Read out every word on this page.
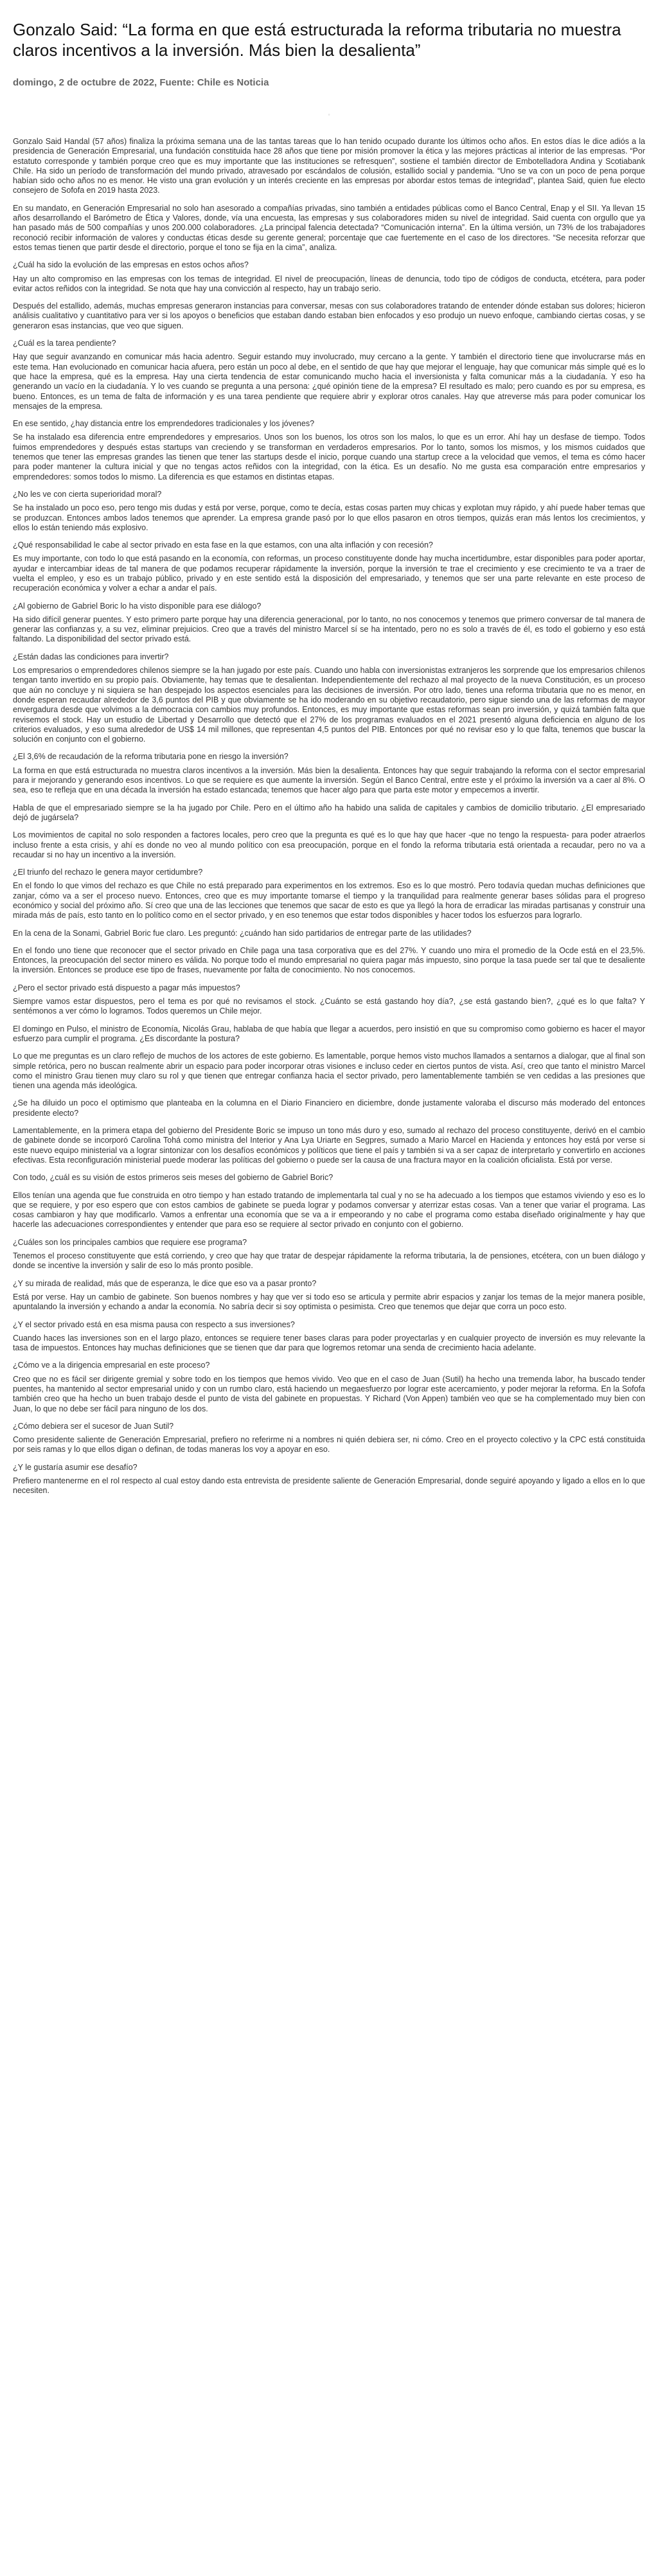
Gonzalo Said: “La forma en que está estructurada la reforma tributaria no muestra claros incentivos a la inversión. Más bien la desalienta”
domingo, 2 de octubre de 2022, Fuente: Chile es Noticia
▫

Gonzalo Said Handal (57 años) finaliza la próxima semana una de las tantas tareas que lo han tenido ocupado durante los últimos ocho años. En estos días le dice adiós a la presidencia de Generación Empresarial, una fundación constituida hace 28 años que tiene por misión promover la ética y las mejores prácticas al interior de las empresas. “Por estatuto corresponde y también porque creo que es muy importante que las instituciones se refresquen”, sostiene el también director de Embotelladora Andina y Scotiabank Chile. Ha sido un período de transformación del mundo privado, atravesado por escándalos de colusión, estallido social y pandemia. “Uno se va con un poco de pena porque habían sido ocho años no es menor. He visto una gran evolución y un interés creciente en las empresas por abordar estos temas de integridad”, plantea Said, quien fue electo consejero de Sofofa en 2019 hasta 2023.

En su mandato, en Generación Empresarial no solo han asesorado a compañías privadas, sino también a entidades públicas como el Banco Central, Enap y el SII. Ya llevan 15 años desarrollando el Barómetro de Ética y Valores, donde, vía una encuesta, las empresas y sus colaboradores miden su nivel de integridad. Said cuenta con orgullo que ya han pasado más de 500 compañías y unos 200.000 colaboradores. ¿La principal falencia detectada? “Comunicación interna”. En la última versión, un 73% de los trabajadores reconoció recibir información de valores y conductas éticas desde su gerente general; porcentaje que cae fuertemente en el caso de los directores. “Se necesita reforzar que estos temas tienen que partir desde el directorio, porque el tono se fija en la cima”, analiza.

¿Cuál ha sido la evolución de las empresas en estos ochos años?

Hay un alto compromiso en las empresas con los temas de integridad. El nivel de preocupación, líneas de denuncia, todo tipo de códigos de conducta, etcétera, para poder evitar actos reñidos con la integridad. Se nota que hay una convicción al respecto, hay un trabajo serio.

Después del estallido, además, muchas empresas generaron instancias para conversar, mesas con sus colaboradores tratando de entender dónde estaban sus dolores; hicieron análisis cualitativo y cuantitativo para ver si los apoyos o beneficios que estaban dando estaban bien enfocados y eso produjo un nuevo enfoque, cambiando ciertas cosas, y se generaron esas instancias, que veo que siguen.

¿Cuál es la tarea pendiente?

Hay que seguir avanzando en comunicar más hacia adentro. Seguir estando muy involucrado, muy cercano a la gente. Y también el directorio tiene que involucrarse más en este tema. Han evolucionado en comunicar hacia afuera, pero están un poco al debe, en el sentido de que hay que mejorar el lenguaje, hay que comunicar más simple qué es lo que hace la empresa, qué es la empresa. Hay una cierta tendencia de estar comunicando mucho hacia el inversionista y falta comunicar más a la ciudadanía. Y eso ha generando un vacío en la ciudadanía. Y lo ves cuando se pregunta a una persona: ¿qué opinión tiene de la empresa? El resultado es malo; pero cuando es por su empresa, es bueno. Entonces, es un tema de falta de información y es una tarea pendiente que requiere abrir y explorar otros canales. Hay que atreverse más para poder comunicar los mensajes de la empresa.

En ese sentido, ¿hay distancia entre los emprendedores tradicionales y los jóvenes?

Se ha instalado esa diferencia entre emprendedores y empresarios. Unos son los buenos, los otros son los malos, lo que es un error. Ahí hay un desfase de tiempo. Todos fuimos emprendedores y después estas startups van creciendo y se transforman en verdaderos empresarios. Por lo tanto, somos los mismos, y los mismos cuidados que tenemos que tener las empresas grandes las tienen que tener las startups desde el inicio, porque cuando una startup crece a la velocidad que vemos, el tema es cómo hacer para poder mantener la cultura inicial y que no tengas actos reñidos con la integridad, con la ética. Es un desafío. No me gusta esa comparación entre empresarios y emprendedores: somos todos lo mismo. La diferencia es que estamos en distintas etapas.

¿No les ve con cierta superioridad moral?

Se ha instalado un poco eso, pero tengo mis dudas y está por verse, porque, como te decía, estas cosas parten muy chicas y explotan muy rápido, y ahí puede haber temas que se produzcan. Entonces ambos lados tenemos que aprender. La empresa grande pasó por lo que ellos pasaron en otros tiempos, quizás eran más lentos los crecimientos, y ellos lo están teniendo más explosivo.

¿Qué responsabilidad le cabe al sector privado en esta fase en la que estamos, con una alta inflación y con recesión?

Es muy importante, con todo lo que está pasando en la economía, con reformas, un proceso constituyente donde hay mucha incertidumbre, estar disponibles para poder aportar, ayudar e intercambiar ideas de tal manera de que podamos recuperar rápidamente la inversión, porque la inversión te trae el crecimiento y ese crecimiento te va a traer de vuelta el empleo, y eso es un trabajo público, privado y en este sentido está la disposición del empresariado, y tenemos que ser una parte relevante en este proceso de recuperación económica y volver a echar a andar el país.

¿Al gobierno de Gabriel Boric lo ha visto disponible para ese diálogo?

Ha sido difícil generar puentes. Y esto primero parte porque hay una diferencia generacional, por lo tanto, no nos conocemos y tenemos que primero conversar de tal manera de generar las confianzas y, a su vez, eliminar prejuicios. Creo que a través del ministro Marcel sí se ha intentado, pero no es solo a través de él, es todo el gobierno y eso está faltando. La disponibilidad del sector privado está.

¿Están dadas las condiciones para invertir?

Los empresarios o emprendedores chilenos siempre se la han jugado por este país. Cuando uno habla con inversionistas extranjeros les sorprende que los empresarios chilenos tengan tanto invertido en su propio país. Obviamente, hay temas que te desalientan. Independientemente del rechazo al mal proyecto de la nueva Constitución, es un proceso que aún no concluye y ni siquiera se han despejado los aspectos esenciales para las decisiones de inversión. Por otro lado, tienes una reforma tributaria que no es menor, en donde esperan recaudar alrededor de 3,6 puntos del PIB y que obviamente se ha ido moderando en su objetivo recaudatorio, pero sigue siendo una de las reformas de mayor envergadura desde que volvimos a la democracia con cambios muy profundos. Entonces, es muy importante que estas reformas sean pro inversión, y quizá también falta que revisemos el stock. Hay un estudio de Libertad y Desarrollo que detectó que el 27% de los programas evaluados en el 2021 presentó alguna deficiencia en alguno de los criterios evaluados, y eso suma alrededor de US$ 14 mil millones, que representan 4,5 puntos del PIB. Entonces por qué no revisar eso y lo que falta, tenemos que buscar la solución en conjunto con el gobierno.

¿El 3,6% de recaudación de la reforma tributaria pone en riesgo la inversión?

La forma en que está estructurada no muestra claros incentivos a la inversión. Más bien la desalienta. Entonces hay que seguir trabajando la reforma con el sector empresarial para ir mejorando y generando esos incentivos. Lo que se requiere es que aumente la inversión. Según el Banco Central, entre este y el próximo la inversión va a caer al 8%. O sea, eso te refleja que en una década la inversión ha estado estancada; tenemos que hacer algo para que parta este motor y empecemos a invertir.

Habla de que el empresariado siempre se la ha jugado por Chile. Pero en el último año ha habido una salida de capitales y cambios de domicilio tributario. ¿El empresariado dejó de jugársela?

Los movimientos de capital no solo responden a factores locales, pero creo que la pregunta es qué es lo que hay que hacer -que no tengo la respuesta- para poder atraerlos incluso frente a esta crisis, y ahí es donde no veo al mundo político con esa preocupación, porque en el fondo la reforma tributaria está orientada a recaudar, pero no va a recaudar si no hay un incentivo a la inversión.

¿El triunfo del rechazo le genera mayor certidumbre?

En el fondo lo que vimos del rechazo es que Chile no está preparado para experimentos en los extremos. Eso es lo que mostró. Pero todavía quedan muchas definiciones que zanjar, cómo va a ser el proceso nuevo. Entonces, creo que es muy importante tomarse el tiempo y la tranquilidad para realmente generar bases sólidas para el progreso económico y social del próximo año. Sí creo que una de las lecciones que tenemos que sacar de esto es que ya llegó la hora de erradicar las miradas partisanas y construir una mirada más de país, esto tanto en lo político como en el sector privado, y en eso tenemos que estar todos disponibles y hacer todos los esfuerzos para lograrlo.

En la cena de la Sonami, Gabriel Boric fue claro. Les preguntó: ¿cuándo han sido partidarios de entregar parte de las utilidades?

En el fondo uno tiene que reconocer que el sector privado en Chile paga una tasa corporativa que es del 27%. Y cuando uno mira el promedio de la Ocde está en el 23,5%. Entonces, la preocupación del sector minero es válida. No porque todo el mundo empresarial no quiera pagar más impuesto, sino porque la tasa puede ser tal que te desaliente la inversión. Entonces se produce ese tipo de frases, nuevamente por falta de conocimiento. No nos conocemos.

¿Pero el sector privado está dispuesto a pagar más impuestos?

Siempre vamos estar dispuestos, pero el tema es por qué no revisamos el stock. ¿Cuánto se está gastando hoy día?, ¿se está gastando bien?, ¿qué es lo que falta? Y sentémonos a ver cómo lo logramos. Todos queremos un Chile mejor.

El domingo en Pulso, el ministro de Economía, Nicolás Grau, hablaba de que había que llegar a acuerdos, pero insistió en que su compromiso como gobierno es hacer el mayor esfuerzo para cumplir el programa. ¿Es discordante la postura?

Lo que me preguntas es un claro reflejo de muchos de los actores de este gobierno. Es lamentable, porque hemos visto muchos llamados a sentarnos a dialogar, que al final son simple retórica, pero no buscan realmente abrir un espacio para poder incorporar otras visiones e incluso ceder en ciertos puntos de vista. Así, creo que tanto el ministro Marcel como el ministro Grau tienen muy claro su rol y que tienen que entregar confianza hacia el sector privado, pero lamentablemente también se ven cedidas a las presiones que tienen una agenda más ideológica.

¿Se ha diluido un poco el optimismo que planteaba en la columna en el Diario Financiero en diciembre, donde justamente valoraba el discurso más moderado del entonces presidente electo?

Lamentablemente, en la primera etapa del gobierno del Presidente Boric se impuso un tono más duro y eso, sumado al rechazo del proceso constituyente, derivó en el cambio de gabinete donde se incorporó Carolina Tohá como ministra del Interior y Ana Lya Uriarte en Segpres, sumado a Mario Marcel en Hacienda y entonces hoy está por verse si este nuevo equipo ministerial va a lograr sintonizar con los desafíos económicos y políticos que tiene el país y también si va a ser capaz de interpretarlo y convertirlo en acciones efectivas. Esta reconfiguración ministerial puede moderar las políticas del gobierno o puede ser la causa de una fractura mayor en la coalición oficialista. Está por verse.

Con todo, ¿cuál es su visión de estos primeros seis meses del gobierno de Gabriel Boric?

Ellos tenían una agenda que fue construida en otro tiempo y han estado tratando de implementarla tal cual y no se ha adecuado a los tiempos que estamos viviendo y eso es lo que se requiere, y por eso espero que con estos cambios de gabinete se pueda lograr y podamos conversar y aterrizar estas cosas. Van a tener que variar el programa. Las cosas cambiaron y hay que modificarlo. Vamos a enfrentar una economía que se va a ir empeorando y no cabe el programa como estaba diseñado originalmente y hay que hacerle las adecuaciones correspondientes y entender que para eso se requiere al sector privado en conjunto con el gobierno.

¿Cuáles son los principales cambios que requiere ese programa?

Tenemos el proceso constituyente que está corriendo, y creo que hay que tratar de despejar rápidamente la reforma tributaria, la de pensiones, etcétera, con un buen diálogo y donde se incentive la inversión y salir de eso lo más pronto posible.

¿Y su mirada de realidad, más que de esperanza, le dice que eso va a pasar pronto?

Está por verse. Hay un cambio de gabinete. Son buenos nombres y hay que ver si todo eso se articula y permite abrir espacios y zanjar los temas de la mejor manera posible, apuntalando la inversión y echando a andar la economía. No sabría decir si soy optimista o pesimista. Creo que tenemos que dejar que corra un poco esto.

¿Y el sector privado está en esa misma pausa con respecto a sus inversiones?

Cuando haces las inversiones son en el largo plazo, entonces se requiere tener bases claras para poder proyectarlas y en cualquier proyecto de inversión es muy relevante la tasa de impuestos. Entonces hay muchas definiciones que se tienen que dar para que logremos retomar una senda de crecimiento hacia adelante.

¿Cómo ve a la dirigencia empresarial en este proceso?

Creo que no es fácil ser dirigente gremial y sobre todo en los tiempos que hemos vivido. Veo que en el caso de Juan (Sutil) ha hecho una tremenda labor, ha buscado tender puentes, ha mantenido al sector empresarial unido y con un rumbo claro, está haciendo un megaesfuerzo por lograr este acercamiento, y poder mejorar la reforma. En la Sofofa también creo que ha hecho un buen trabajo desde el punto de vista del gabinete en propuestas. Y Richard (Von Appen) también veo que se ha complementado muy bien con Juan, lo que no debe ser fácil para ninguno de los dos.

¿Cómo debiera ser el sucesor de Juan Sutil?

Como presidente saliente de Generación Empresarial, prefiero no referirme ni a nombres ni quién debiera ser, ni cómo. Creo en el proyecto colectivo y la CPC está constituida por seis ramas y lo que ellos digan o definan, de todas maneras los voy a apoyar en eso.

¿Y le gustaría asumir ese desafío?

Prefiero mantenerme en el rol respecto al cual estoy dando esta entrevista de presidente saliente de Generación Empresarial, donde seguiré apoyando y ligado a ellos en lo que necesiten.
